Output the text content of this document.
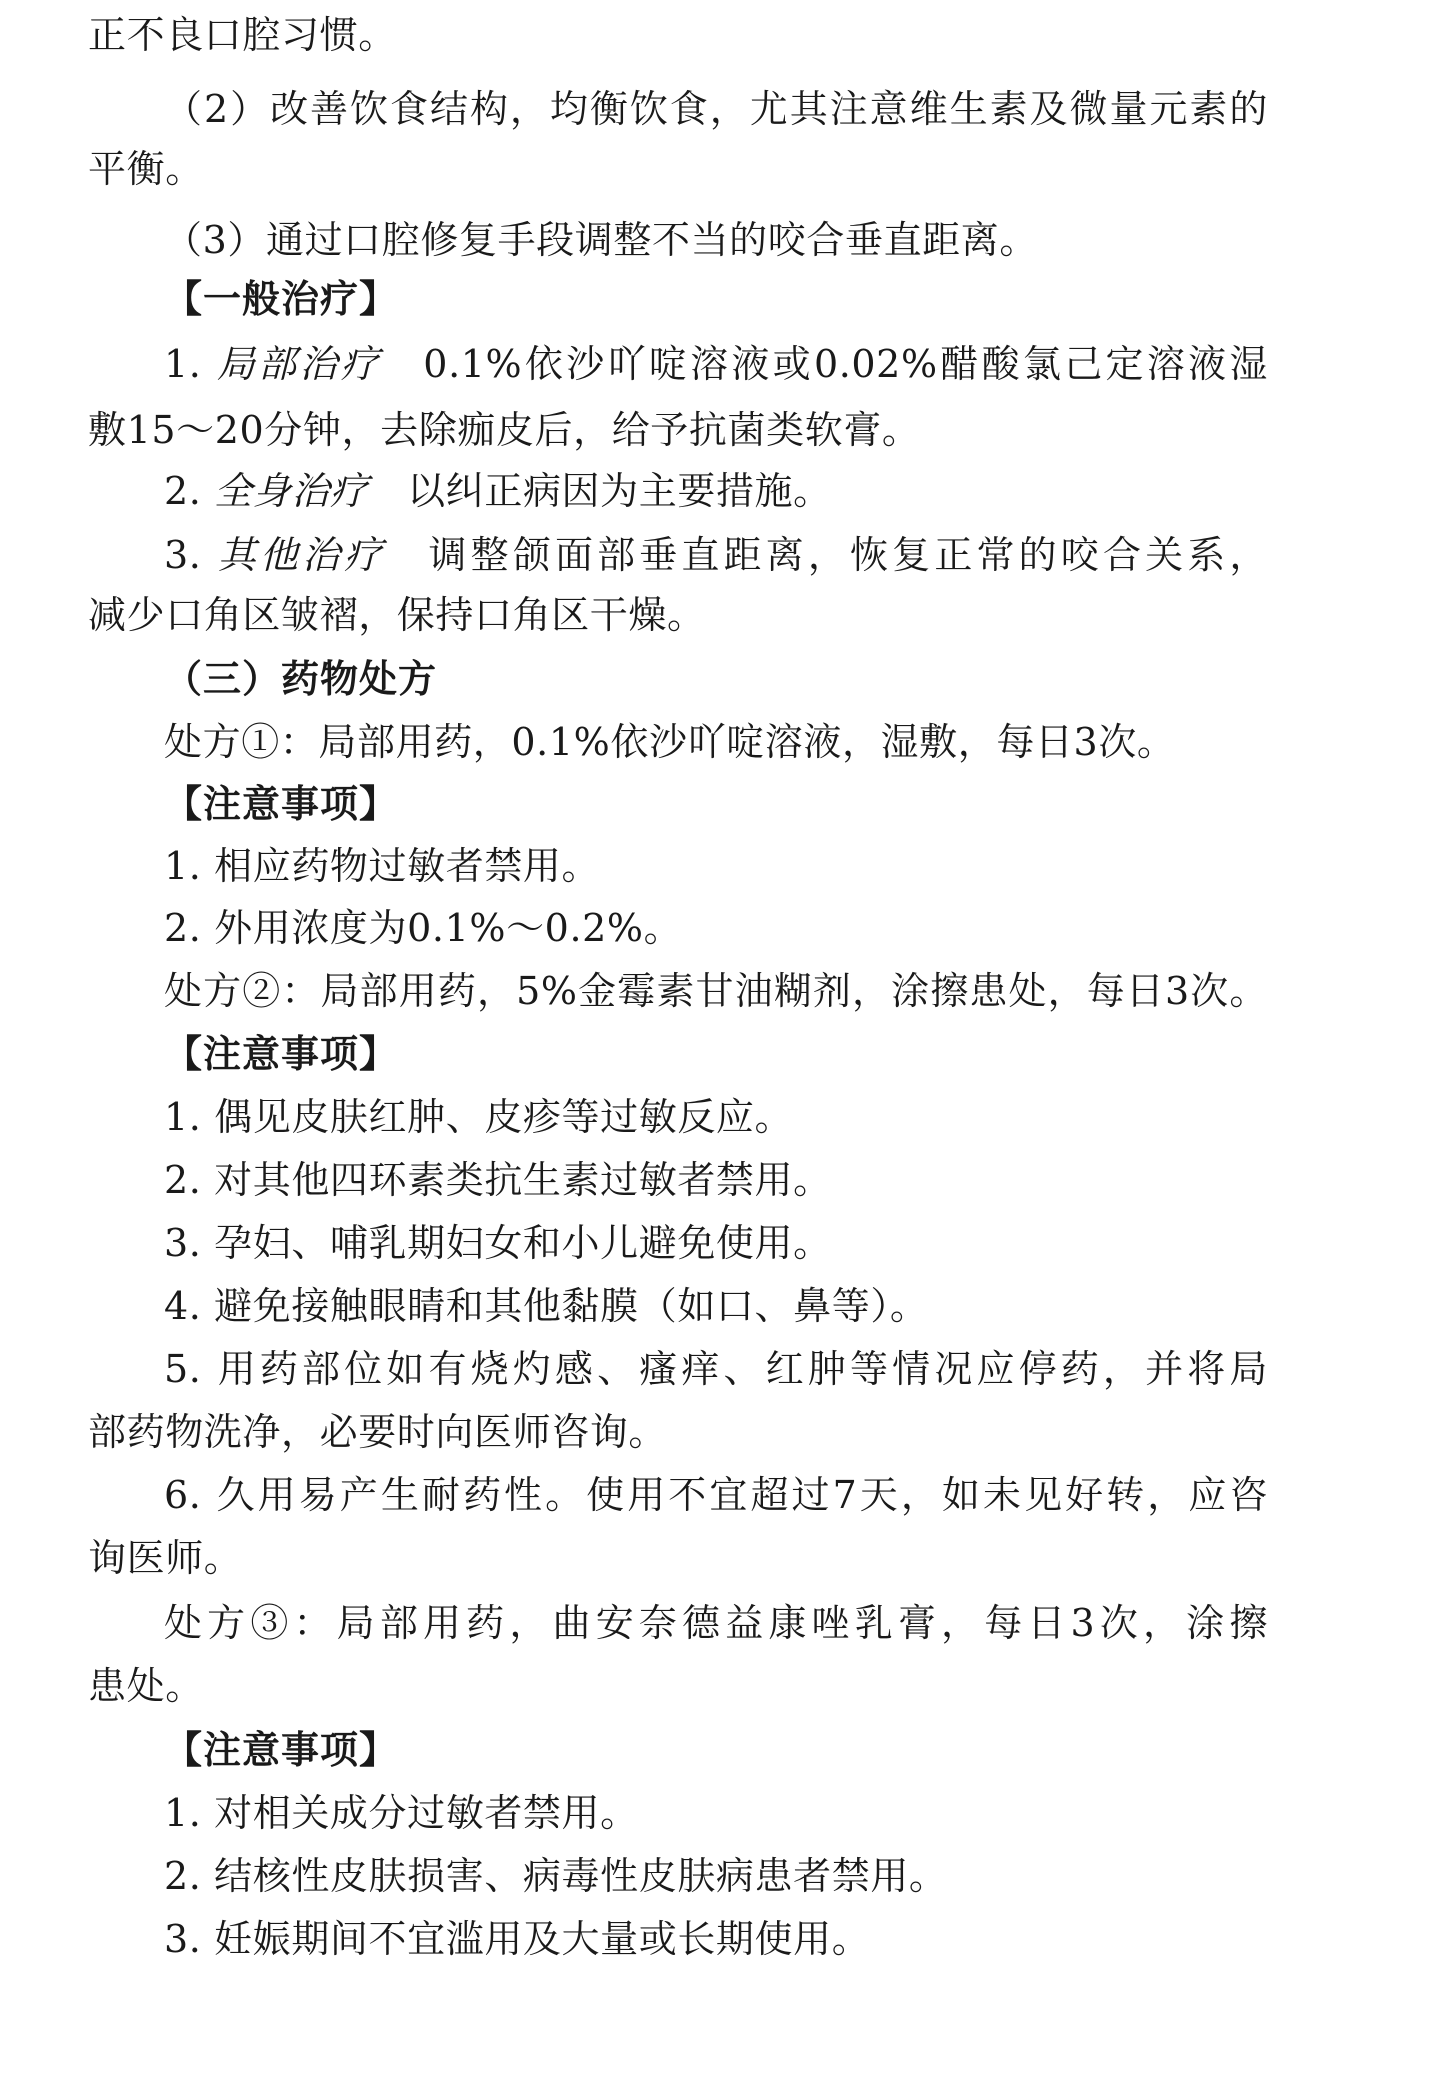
正不良口腔习惯。
（2）改善饮食结构，均衡饮食，尤其注意维生素及微量元素的
平衡。
（3）通过口腔修复手段调整不当的咬合垂直距离。
【一般治疗】
1. 局部治疗　0.1%依沙吖啶溶液或0.02%醋酸氯己定溶液湿
敷15～20分钟，去除痂皮后，给予抗菌类软膏。
2. 全身治疗　以纠正病因为主要措施。
3. 其他治疗　调整颌面部垂直距离，恢复正常的咬合关系，
减少口角区皱褶，保持口角区干燥。
（三）药物处方
处方①：局部用药，0.1%依沙吖啶溶液，湿敷，每日3次。
【注意事项】
1. 相应药物过敏者禁用。
2. 外用浓度为0.1%～0.2%。
处方②：局部用药，5%金霉素甘油糊剂，涂擦患处，每日3次。
【注意事项】
1. 偶见皮肤红肿、皮疹等过敏反应。
2. 对其他四环素类抗生素过敏者禁用。
3. 孕妇、哺乳期妇女和小儿避免使用。
4. 避免接触眼睛和其他黏膜（如口、鼻等）。
5. 用药部位如有烧灼感、瘙痒、红肿等情况应停药，并将局
部药物洗净，必要时向医师咨询。
6. 久用易产生耐药性。使用不宜超过7天，如未见好转，应咨
询医师。
处方③：局部用药，曲安奈德益康唑乳膏，每日3次，涂擦
患处。
【注意事项】
1. 对相关成分过敏者禁用。
2. 结核性皮肤损害、病毒性皮肤病患者禁用。
3. 妊娠期间不宜滥用及大量或长期使用。
